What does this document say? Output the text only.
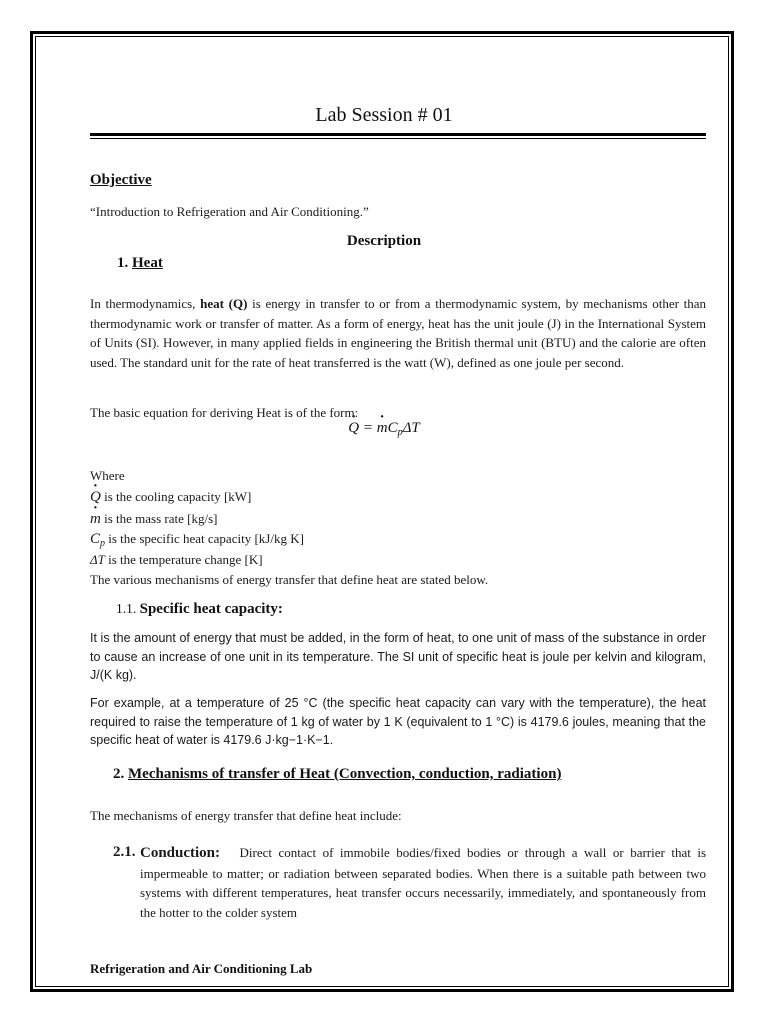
Lab Session # 01
Objective
“Introduction to Refrigeration and Air Conditioning.”
Description
1. Heat
In thermodynamics, heat (Q) is energy in transfer to or from a thermodynamic system, by mechanisms other than thermodynamic work or transfer of matter. As a form of energy, heat has the unit joule (J) in the International System of Units (SI). However, in many applied fields in engineering the British thermal unit (BTU) and the calorie are often used. The standard unit for the rate of heat transferred is the watt (W), defined as one joule per second.
The basic equation for deriving Heat is of the form:
Q · = $m \cdot C_p\Delta T$
Where
Q · is the cooling capacity [kW]
m · is the mass rate [kg/s]
$C_p$ is the specific heat capacity [kJ/kg K]
ΔT is the temperature change [K]
The various mechanisms of energy transfer that define heat are stated below.
1.1. Specific heat capacity:
It is the amount of energy that must be added, in the form of heat, to one unit of mass of the substance in order to cause an increase of one unit in its temperature. The SI unit of specific heat is joule per kelvin and kilogram, J/(K kg).
For example, at a temperature of 25 °C (the specific heat capacity can vary with the temperature), the heat required to raise the temperature of 1 kg of water by 1 K (equivalent to 1 °C) is 4179.6 joules, meaning that the specific heat of water is 4179.6 J·kg−1·K−1.
2. Mechanisms of transfer of Heat (Convection, conduction, radiation)
The mechanisms of energy transfer that define heat include:
2.1. Conduction: Direct contact of immobile bodies/fixed bodies or through a wall or barrier that is impermeable to matter; or radiation between separated bodies. When there is a suitable path between two systems with different temperatures, heat transfer occurs necessarily, immediately, and spontaneously from the hotter to the colder system
Refrigeration and Air Conditioning Lab
